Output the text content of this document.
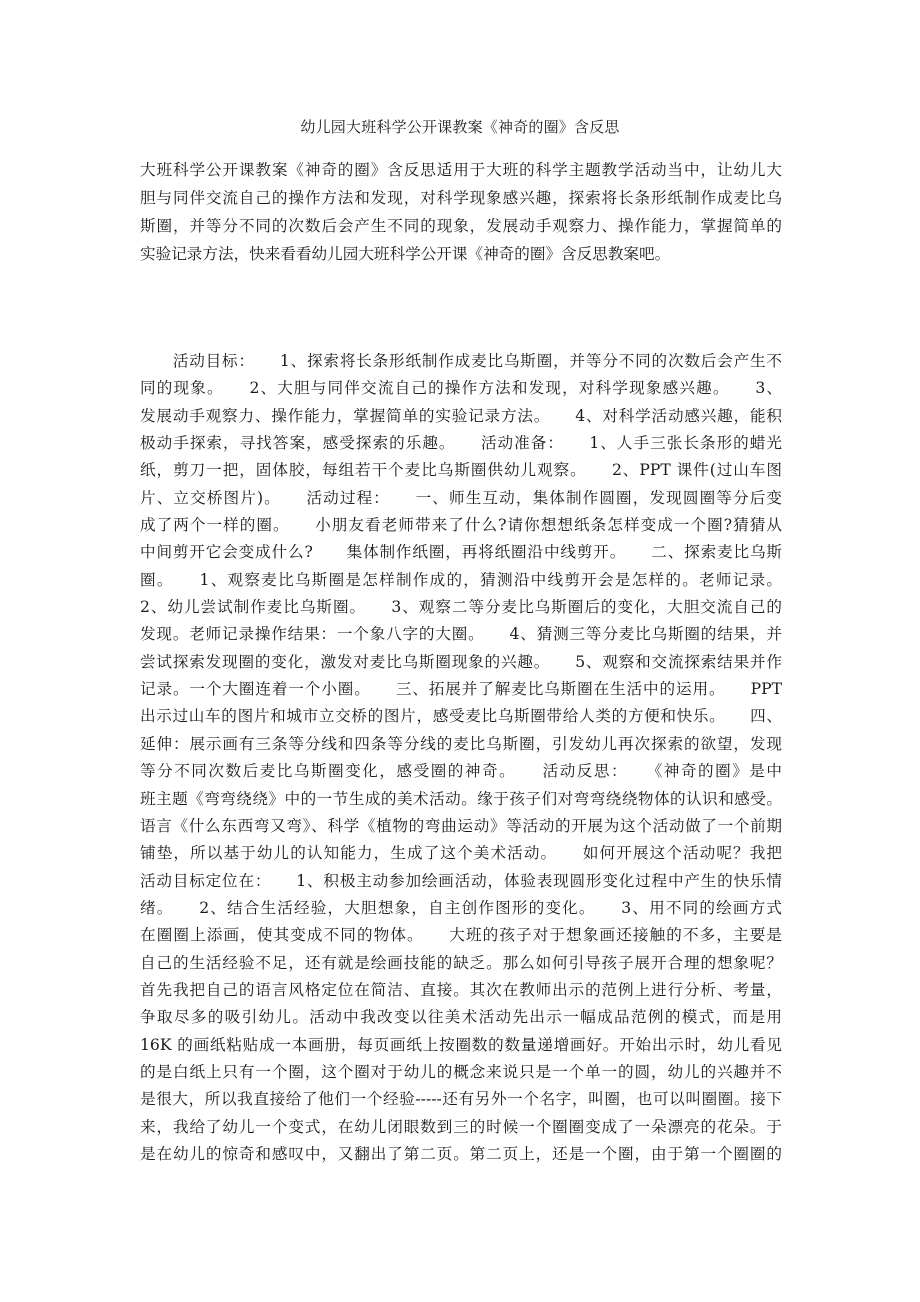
幼儿园大班科学公开课教案《神奇的圈》含反思
大班科学公开课教案《神奇的圈》含反思适用于大班的科学主题教学活动当中，让幼儿大
胆与同伴交流自己的操作方法和发现，对科学现象感兴趣，探索将长条形纸制作成麦比乌
斯圈，并等分不同的次数后会产生不同的现象，发展动手观察力、操作能力，掌握简单的
实验记录方法，快来看看幼儿园大班科学公开课《神奇的圈》含反思教案吧。
　　活动目标：　　1、探索将长条形纸制作成麦比乌斯圈，并等分不同的次数后会产生不
同的现象。　　2、大胆与同伴交流自己的操作方法和发现，对科学现象感兴趣。　　3、
发展动手观察力、操作能力，掌握简单的实验记录方法。　　4、对科学活动感兴趣，能积
极动手探索，寻找答案，感受探索的乐趣。　　活动准备：　　1、人手三张长条形的蜡光
纸，剪刀一把，固体胶，每组若干个麦比乌斯圈供幼儿观察。　　2、PPT 课件(过山车图
片、立交桥图片)。　　活动过程：　　一、师生互动，集体制作圆圈，发现圆圈等分后变
成了两个一样的圈。　　小朋友看老师带来了什么?请你想想纸条怎样变成一个圈?猜猜从
中间剪开它会变成什么?　　集体制作纸圈，再将纸圈沿中线剪开。　　二、探索麦比乌斯
圈。　　1、观察麦比乌斯圈是怎样制作成的，猜测沿中线剪开会是怎样的。老师记录。
2、幼儿尝试制作麦比乌斯圈。　　3、观察二等分麦比乌斯圈后的变化，大胆交流自己的
发现。老师记录操作结果：一个象八字的大圈。　　4、猜测三等分麦比乌斯圈的结果，并
尝试探索发现圈的变化，激发对麦比乌斯圈现象的兴趣。　　5、观察和交流探索结果并作
记录。一个大圈连着一个小圈。　　三、拓展并了解麦比乌斯圈在生活中的运用。　　PPT
出示过山车的图片和城市立交桥的图片，感受麦比乌斯圈带给人类的方便和快乐。　　四、
延伸：展示画有三条等分线和四条等分线的麦比乌斯圈，引发幼儿再次探索的欲望，发现
等分不同次数后麦比乌斯圈变化，感受圈的神奇。　　活动反思：　　《神奇的圈》是中
班主题《弯弯绕绕》中的一节生成的美术活动。缘于孩子们对弯弯绕绕物体的认识和感受。
语言《什么东西弯又弯》、科学《植物的弯曲运动》等活动的开展为这个活动做了一个前期
铺垫，所以基于幼儿的认知能力，生成了这个美术活动。　　如何开展这个活动呢？我把
活动目标定位在：　　1、积极主动参加绘画活动，体验表现圆形变化过程中产生的快乐情
绪。　　2、结合生活经验，大胆想象，自主创作图形的变化。　　3、用不同的绘画方式
在圈圈上添画，使其变成不同的物体。　　大班的孩子对于想象画还接触的不多，主要是
自己的生活经验不足，还有就是绘画技能的缺乏。那么如何引导孩子展开合理的想象呢？
首先我把自己的语言风格定位在简洁、直接。其次在教师出示的范例上进行分析、考量，
争取尽多的吸引幼儿。活动中我改变以往美术活动先出示一幅成品范例的模式，而是用
16K 的画纸粘贴成一本画册，每页画纸上按圈数的数量递增画好。开始出示时，幼儿看见
的是白纸上只有一个圈，这个圈对于幼儿的概念来说只是一个单一的圆，幼儿的兴趣并不
是很大，所以我直接给了他们一个经验-----还有另外一个名字，叫圈，也可以叫圈圈。接下
来，我给了幼儿一个变式，在幼儿闭眼数到三的时候一个圈圈变成了一朵漂亮的花朵。于
是在幼儿的惊奇和感叹中，又翻出了第二页。第二页上，还是一个圈，由于第一个圈圈的
